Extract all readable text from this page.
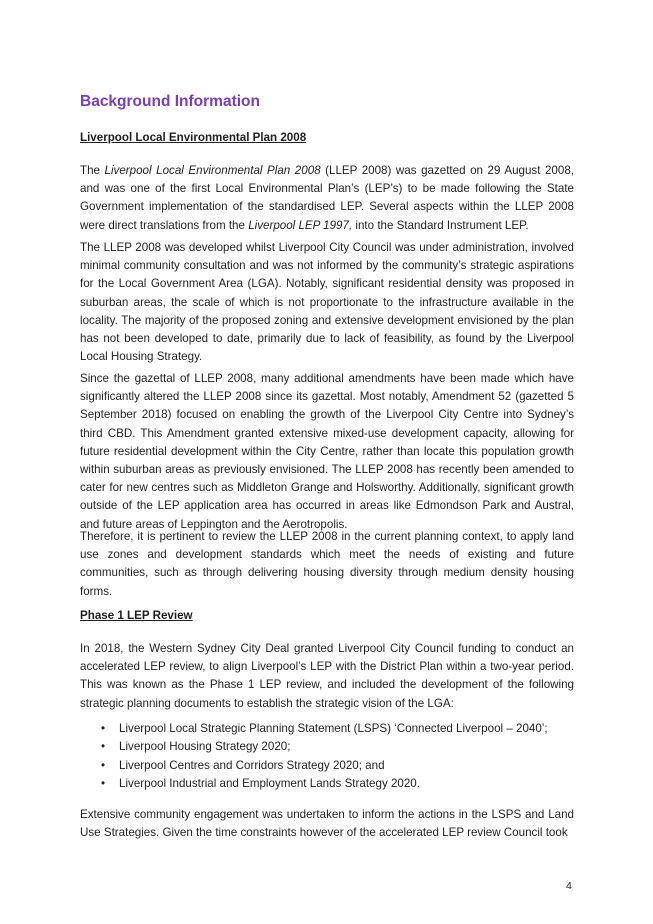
Background Information
Liverpool Local Environmental Plan 2008

The Liverpool Local Environmental Plan 2008 (LLEP 2008) was gazetted on 29 August 2008, and was one of the first Local Environmental Plan’s (LEP’s) to be made following the State Government implementation of the standardised LEP. Several aspects within the LLEP 2008 were direct translations from the Liverpool LEP 1997, into the Standard Instrument LEP.

The LLEP 2008 was developed whilst Liverpool City Council was under administration, involved minimal community consultation and was not informed by the community’s strategic aspirations for the Local Government Area (LGA). Notably, significant residential density was proposed in suburban areas, the scale of which is not proportionate to the infrastructure available in the locality. The majority of the proposed zoning and extensive development envisioned by the plan has not been developed to date, primarily due to lack of feasibility, as found by the Liverpool Local Housing Strategy.

Since the gazettal of LLEP 2008, many additional amendments have been made which have significantly altered the LLEP 2008 since its gazettal. Most notably, Amendment 52 (gazetted 5 September 2018) focused on enabling the growth of the Liverpool City Centre into Sydney’s third CBD. This Amendment granted extensive mixed-use development capacity, allowing for future residential development within the City Centre, rather than locate this population growth within suburban areas as previously envisioned. The LLEP 2008 has recently been amended to cater for new centres such as Middleton Grange and Holsworthy. Additionally, significant growth outside of the LEP application area has occurred in areas like Edmondson Park and Austral, and future areas of Leppington and the Aerotropolis.

Therefore, it is pertinent to review the LLEP 2008 in the current planning context, to apply land use zones and development standards which meet the needs of existing and future communities, such as through delivering housing diversity through medium density housing forms.

Phase 1 LEP Review

In 2018, the Western Sydney City Deal granted Liverpool City Council funding to conduct an accelerated LEP review, to align Liverpool’s LEP with the District Plan within a two-year period. This was known as the Phase 1 LEP review, and included the development of the following strategic planning documents to establish the strategic vision of the LGA:

• Liverpool Local Strategic Planning Statement (LSPS) ‘Connected Liverpool – 2040’;
• Liverpool Housing Strategy 2020;
• Liverpool Centres and Corridors Strategy 2020; and
• Liverpool Industrial and Employment Lands Strategy 2020.

Extensive community engagement was undertaken to inform the actions in the LSPS and Land Use Strategies. Given the time constraints however of the accelerated LEP review Council took

4
